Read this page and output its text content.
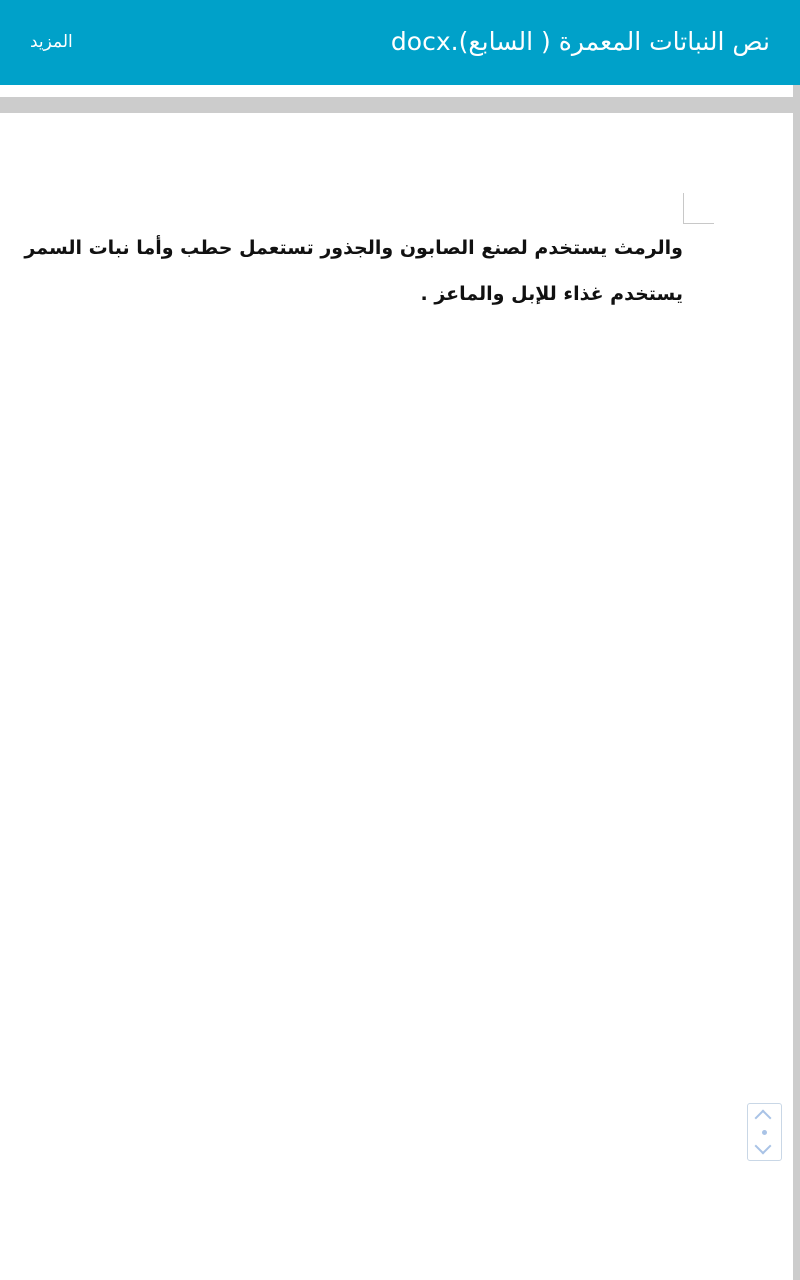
نص النباتات المعمرة ( السابع).docx
المزيد
والرمث يستخدم لصنع الصابون والجذور تستعمل حطب وأما نبات السمر يستخدم غذاء للإبل والماعز .
